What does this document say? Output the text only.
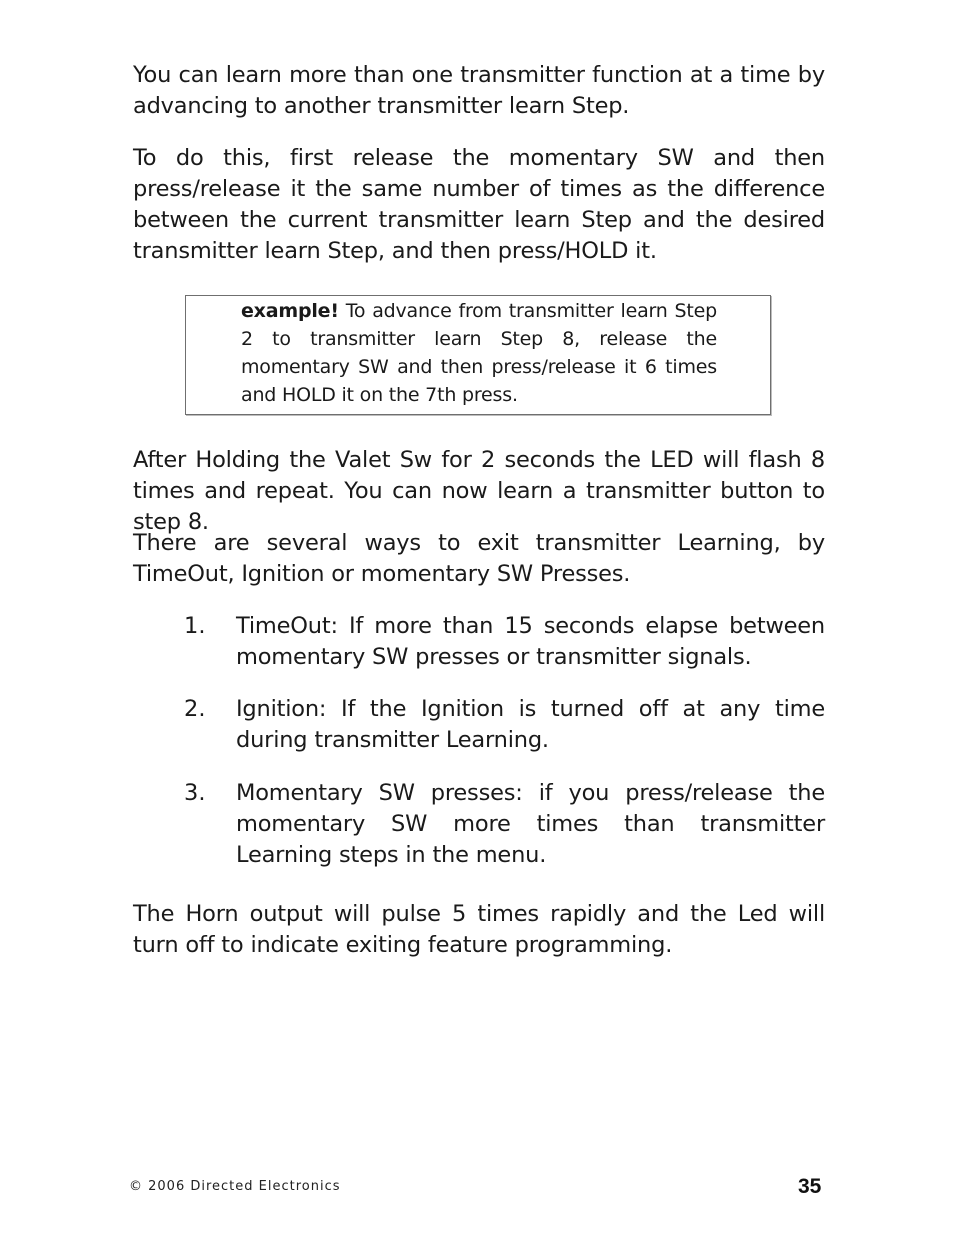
You can learn more than one transmitter function at a time by advancing to another transmitter learn Step.

To do this, first release the momentary SW and then press/release it the same number of times as the difference between the current transmitter learn Step and the desired transmitter learn Step, and then press/HOLD it.

example! To advance from transmitter learn Step 2 to transmitter learn Step 8, release the momentary SW and then press/release it 6 times and HOLD it on the 7th press.

After Holding the Valet Sw for 2 seconds the LED will flash 8 times and repeat. You can now learn a transmitter button to step 8.

There are several ways to exit transmitter Learning, by TimeOut, Ignition or momentary SW Presses.

1. TimeOut: If more than 15 seconds elapse between momentary SW presses or transmitter signals.

2. Ignition: If the Ignition is turned off at any time during transmitter Learning.

3. Momentary SW presses: if you press/release the momentary SW more times than transmitter Learning steps in the menu.

The Horn output will pulse 5 times rapidly and the Led will turn off to indicate exiting feature programming.

© 2006 Directed Electronics	35
